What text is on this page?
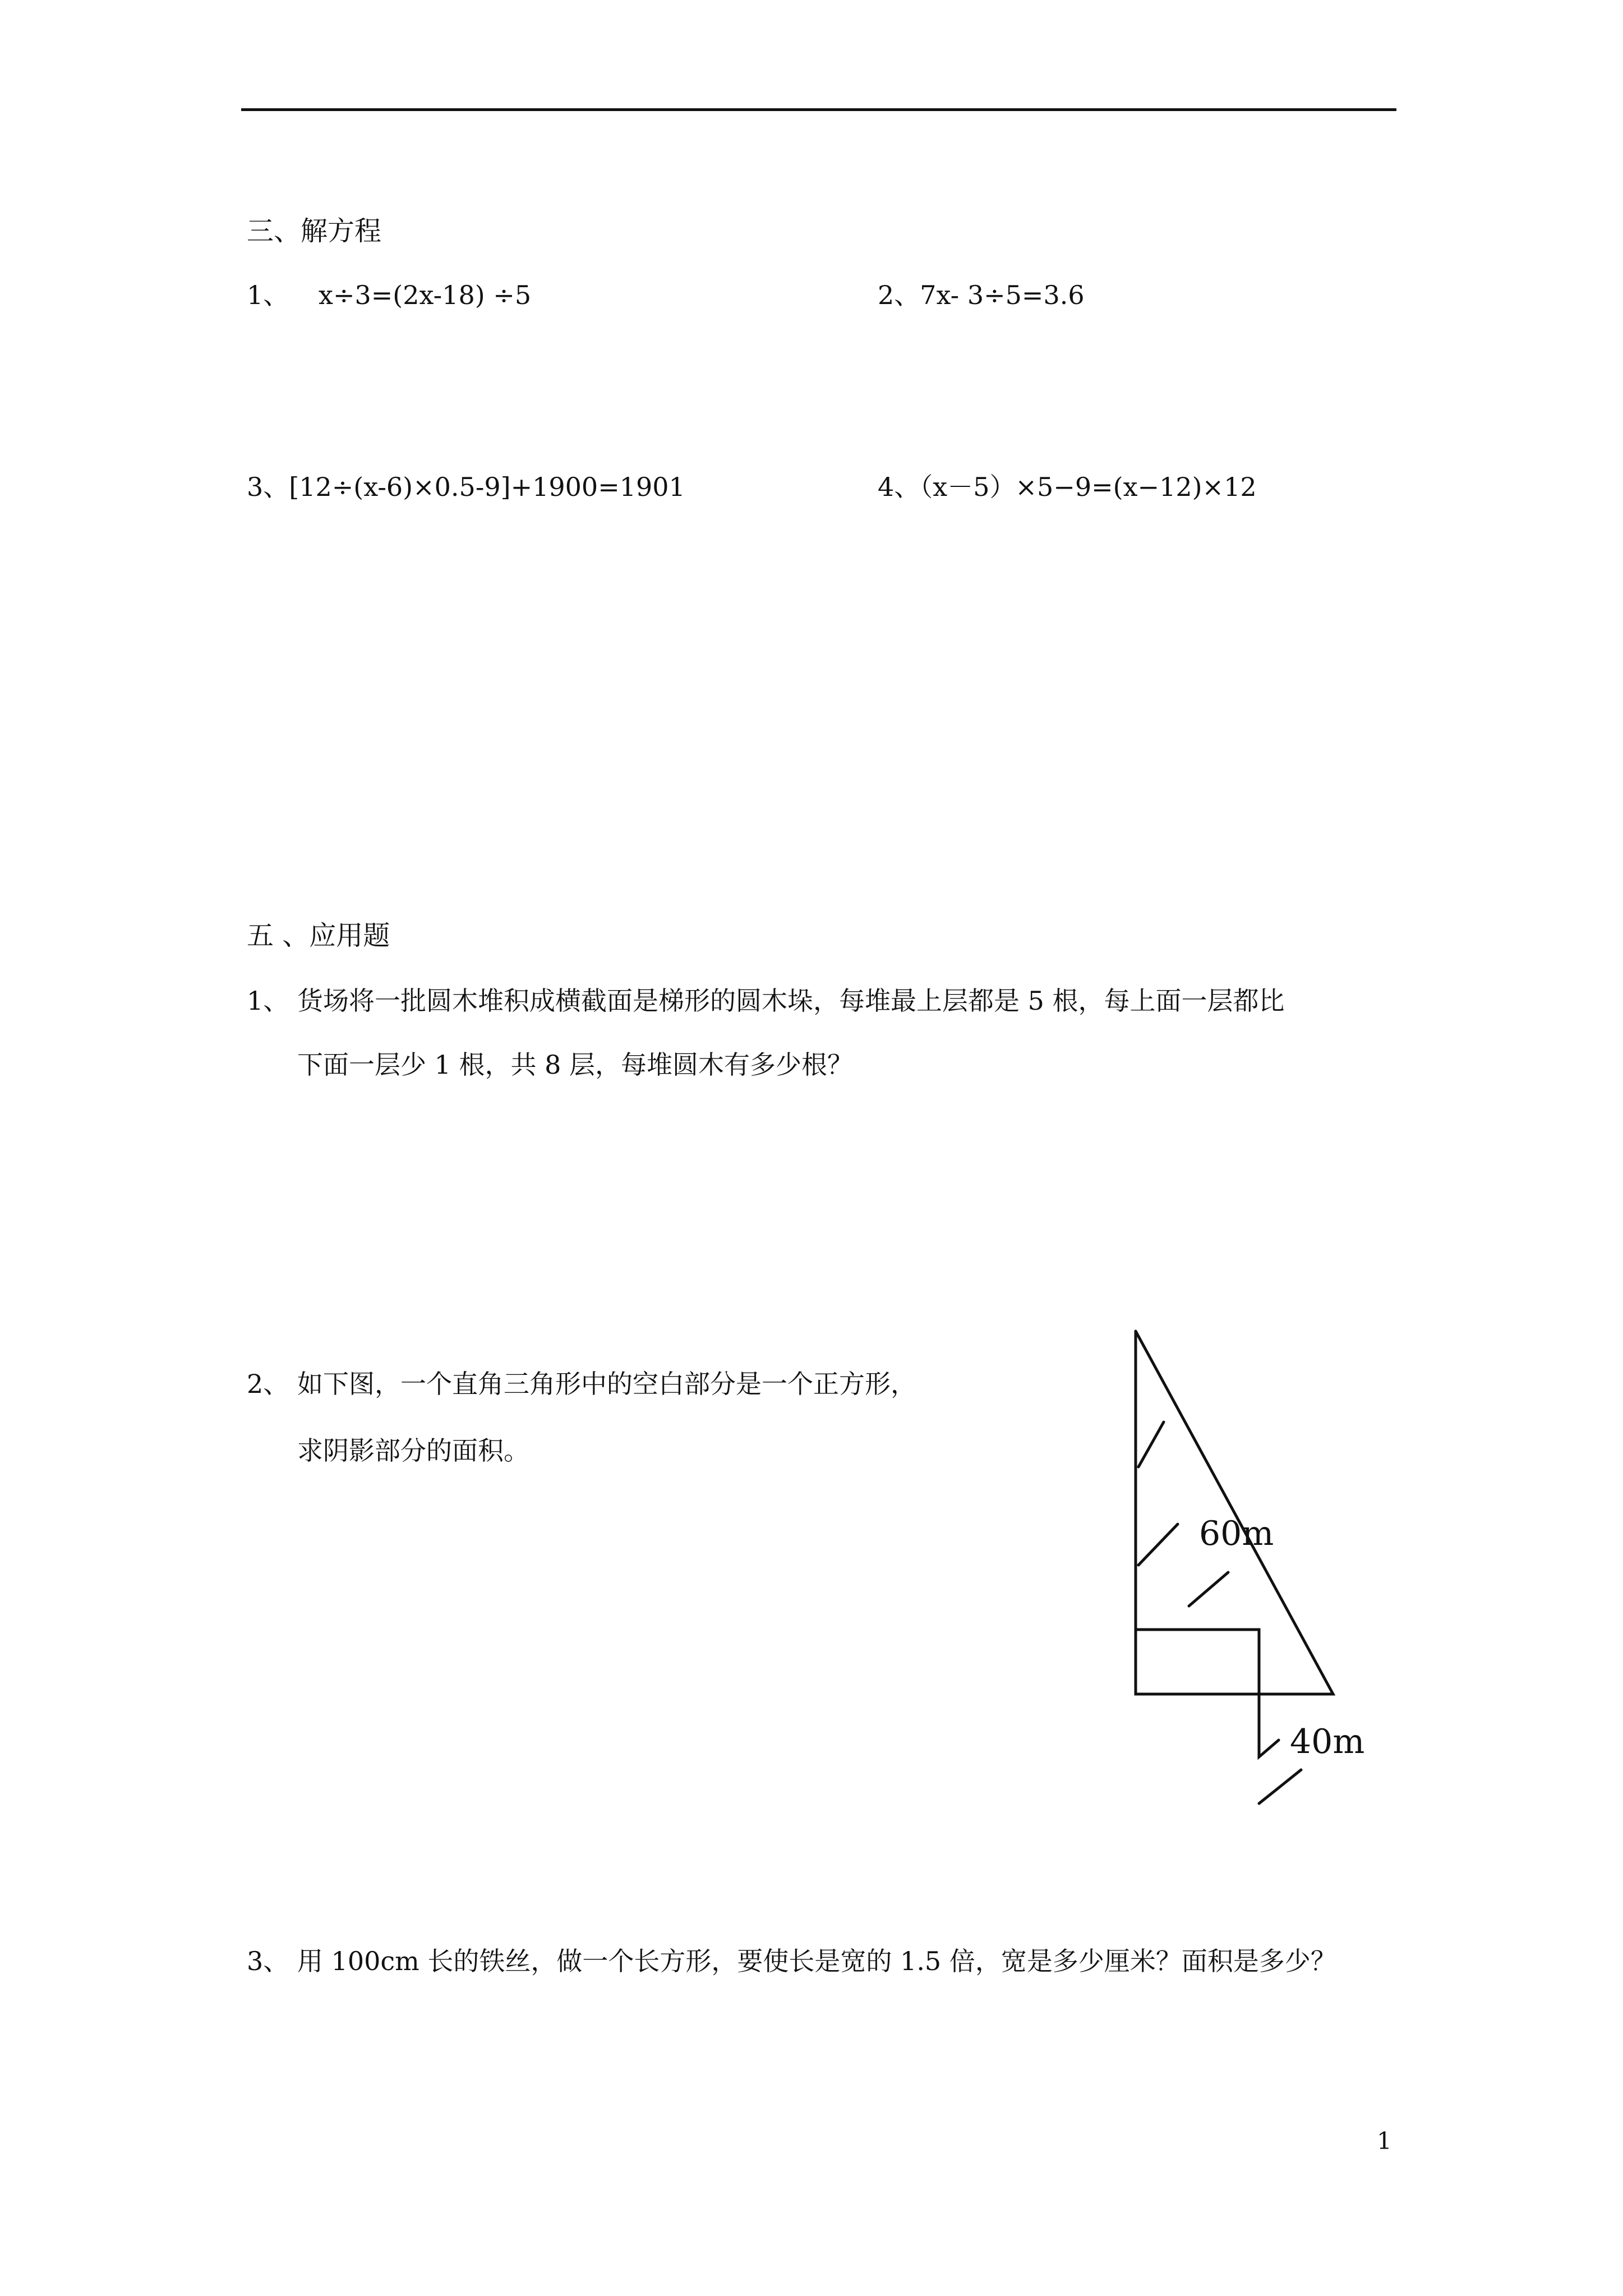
三、解方程
1、 x÷3=(2x-18) ÷5	2、7x- 3÷5=3.6
3、[12÷(x-6)×0.5-9]+1900=1901	4、（x－5）×5−9=(x−12)×12
五 、应用题
1、 货场将一批圆木堆积成横截面是梯形的圆木垛，每堆最上层都是 5 根，每上面一层都比
下面一层少 1 根，共 8 层，每堆圆木有多少根？
2、 如下图，一个直角三角形中的空白部分是一个正方形，
求阴影部分的面积。
60m
40m
3、 用 100cm 长的铁丝，做一个长方形，要使长是宽的 1.5 倍，宽是多少厘米？面积是多少？
1
